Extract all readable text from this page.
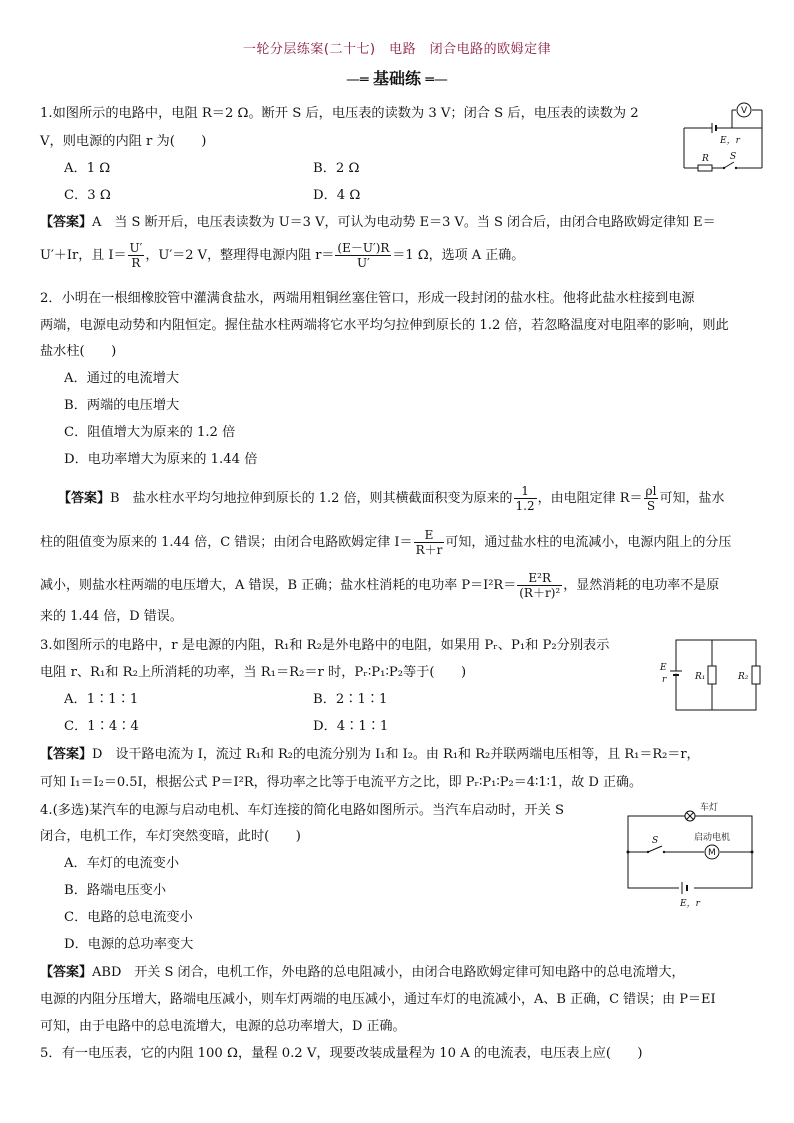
一轮分层练案(二十七)　电路　闭合电路的欧姆定律
—═ 基础练 ═—
1.如图所示的电路中，电阻 R＝2 Ω。断开 S 后，电压表的读数为 3 V；闭合 S 后，电压表的读数为 2
V，则电源的内阻 r 为(　　)
A．1 Ω	B．2 Ω
C．3 Ω	D．4 Ω
【答案】A　当 S 断开后，电压表读数为 U＝3 V，可认为电动势 E＝3 V。当 S 闭合后，由闭合电路欧姆定律知 E＝
U′＋Ir，且 $I= \frac{U'}{R}$ ，U′＝2 V，整理得电源内阻 $r= \frac{(E-U')R}{U'} =1$ Ω，选项 A 正确。
V
E，r
R S
2．小明在一根细橡胶管中灌满食盐水，两端用粗铜丝塞住管口，形成一段封闭的盐水柱。他将此盐水柱接到电源
两端，电源电动势和内阻恒定。握住盐水柱两端将它水平均匀拉伸到原长的 1.2 倍，若忽略温度对电阻率的影响，则此
盐水柱(　　)
A．通过的电流增大
B．两端的电压增大
C．阻值增大为原来的 1.2 倍
D．电功率增大为原来的 1.44 倍
【答案】B　盐水柱水平均匀地拉伸到原长的 1.2 倍，则其横截面积变为原来的 $\frac{1}{1.2}$ ，由电阻定律 $R= \frac{\rho l}{S}$ 可知，盐水
柱的阻值变为原来的 1.44 倍，C 错误；由闭合电路欧姆定律 $I= \frac{E}{R+r}$ 可知，通过盐水柱的电流减小，电源内阻上的分压
减小，则盐水柱两端的电压增大，A 错误，B 正确；盐水柱消耗的电功率 $P=I^2R= \frac{\text{E²R}}{\text{(R＋r)²}}$ ，显然消耗的电功率不是原
来的 1.44 倍，D 错误。
3.如图所示的电路中，r 是电源的内阻，R₁和 R₂是外电路中的电阻，如果用 Pᵣ、P₁和 P₂分别表示
电阻 r、R₁和 R₂上所消耗的功率，当 R₁＝R₂＝r 时，Pᵣ∶P₁∶P₂等于(　　)
A．1∶1∶1	B．2∶1∶1
C．1∶4∶4	D．4∶1∶1
【答案】D　设干路电流为 I，流过 R₁和 R₂的电流分别为 I₁和 I₂。由 R₁和 R₂并联两端电压相等，且 R₁＝R₂＝r，
可知 I₁＝I₂＝0.5I，根据公式 P＝I²R，得功率之比等于电流平方之比，即 Pᵣ∶P₁∶P₂＝4∶1∶1，故 D 正确。
E
r	R₁	R₂
4.(多选)某汽车的电源与启动电机、车灯连接的简化电路如图所示。当汽车启动时，开关 S
闭合，电机工作，车灯突然变暗，此时(　　)
A．车灯的电流变小
B．路端电压变小
C．电路的总电流变小
D．电源的总功率变大
【答案】ABD　开关 S 闭合，电机工作，外电路的总电阻减小，由闭合电路欧姆定律可知电路中的总电流增大，
电源的内阻分压增大，路端电压减小，则车灯两端的电压减小，通过车灯的电流减小，A、B 正确，C 错误；由 P＝EI
可知，由于电路中的总电流增大，电源的总功率增大，D 正确。
车灯
启动电机
M
S
E，r
5．有一电压表，它的内阻 100 Ω，量程 0.2 V，现要改装成量程为 10 A 的电流表，电压表上应(　　)
